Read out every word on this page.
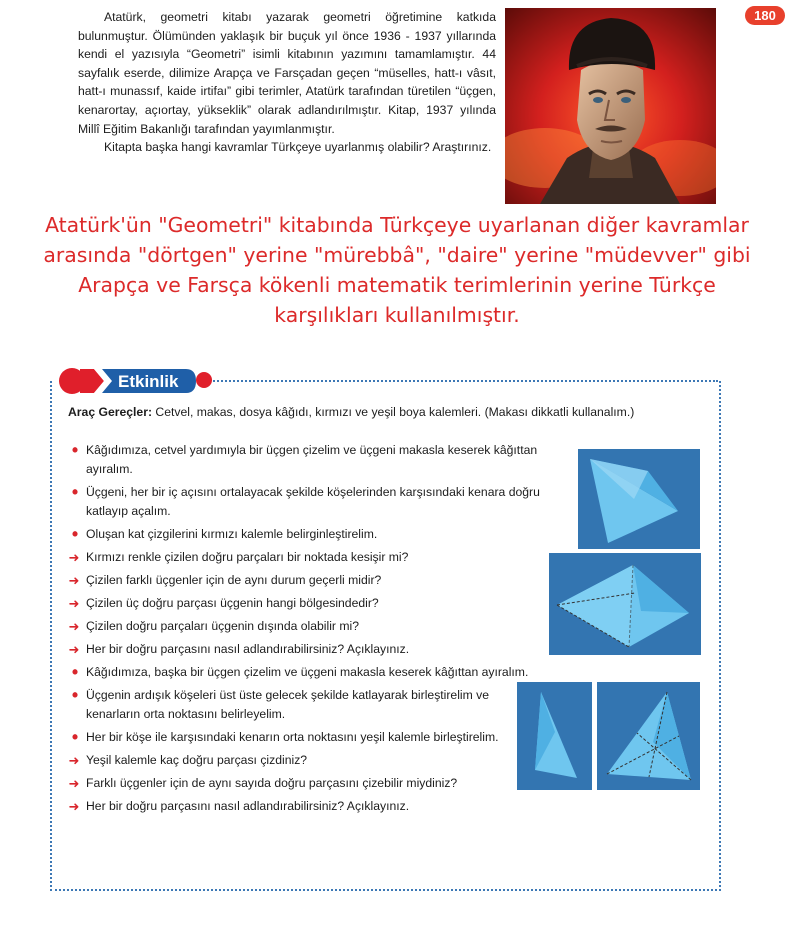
Atatürk, geometri kitabı yazarak geometri öğretimine katkıda bulunmuştur. Ölümünden yaklaşık bir buçuk yıl önce 1936 - 1937 yıllarında kendi el yazısıyla “Geometri” isimli kitabının yazımını tamamlamıştır. 44 sayfalık eserde, dilimize Arapça ve Farsçadan geçen “müselles, hatt-ı vâsıt, hatt-ı munassıf, kaide irtifaı” gibi terimler, Atatürk tarafından türetilen “üçgen, kenarortay, açıortay, yükseklik” olarak adlandırılmıştır. Kitap, 1937 yılında Millî Eğitim Bakanlığı tarafından yayımlanmıştır.

Kitapta başka hangi kavramlar Türkçeye uyarlanmış olabilir? Araştırınız.

180
Atatürk'ün "Geometri" kitabında Türkçeye uyarlanan diğer kavramlar arasında "dörtgen" yerine "mürebbâ", "daire" yerine "müdevver" gibi Arapça ve Farsça kökenli matematik terimlerinin yerine Türkçe karşılıkları kullanılmıştır.
Etkinlik
Araç Gereçler: Cetvel, makas, dosya kâğıdı, kırmızı ve yeşil boya kalemleri. (Makası dikkatli kullanalım.)
• Kâğıdımıza, cetvel yardımıyla bir üçgen çizelim ve üçgeni makasla keserek kâğıttan ayıralım.
• Üçgeni, her bir iç açısını ortalayacak şekilde köşelerinden karşısındaki kenara doğru katlayıp açalım.
• Oluşan kat çizgilerini kırmızı kalemle belirginleştirelim.
➜ Kırmızı renkle çizilen doğru parçaları bir noktada kesişir mi?
➜ Çizilen farklı üçgenler için de aynı durum geçerli midir?
➜ Çizilen üç doğru parçası üçgenin hangi bölgesindedir?
➜ Çizilen doğru parçaları üçgenin dışında olabilir mi?
➜ Her bir doğru parçasını nasıl adlandırabilirsiniz? Açıklayınız.
• Kâğıdımıza, başka bir üçgen çizelim ve üçgeni makasla keserek kâğıttan ayıralım.
• Üçgenin ardışık köşeleri üst üste gelecek şekilde katlayarak birleştirelim ve kenarların orta noktasını belirleyelim.
• Her bir köşe ile karşısındaki kenarın orta noktasını yeşil kalemle birleştirelim.
➜ Yeşil kalemle kaç doğru parçası çizdiniz?
➜ Farklı üçgenler için de aynı sayıda doğru parçasını çizebilir miydiniz?
➜ Her bir doğru parçasını nasıl adlandırabilirsiniz? Açıklayınız.
